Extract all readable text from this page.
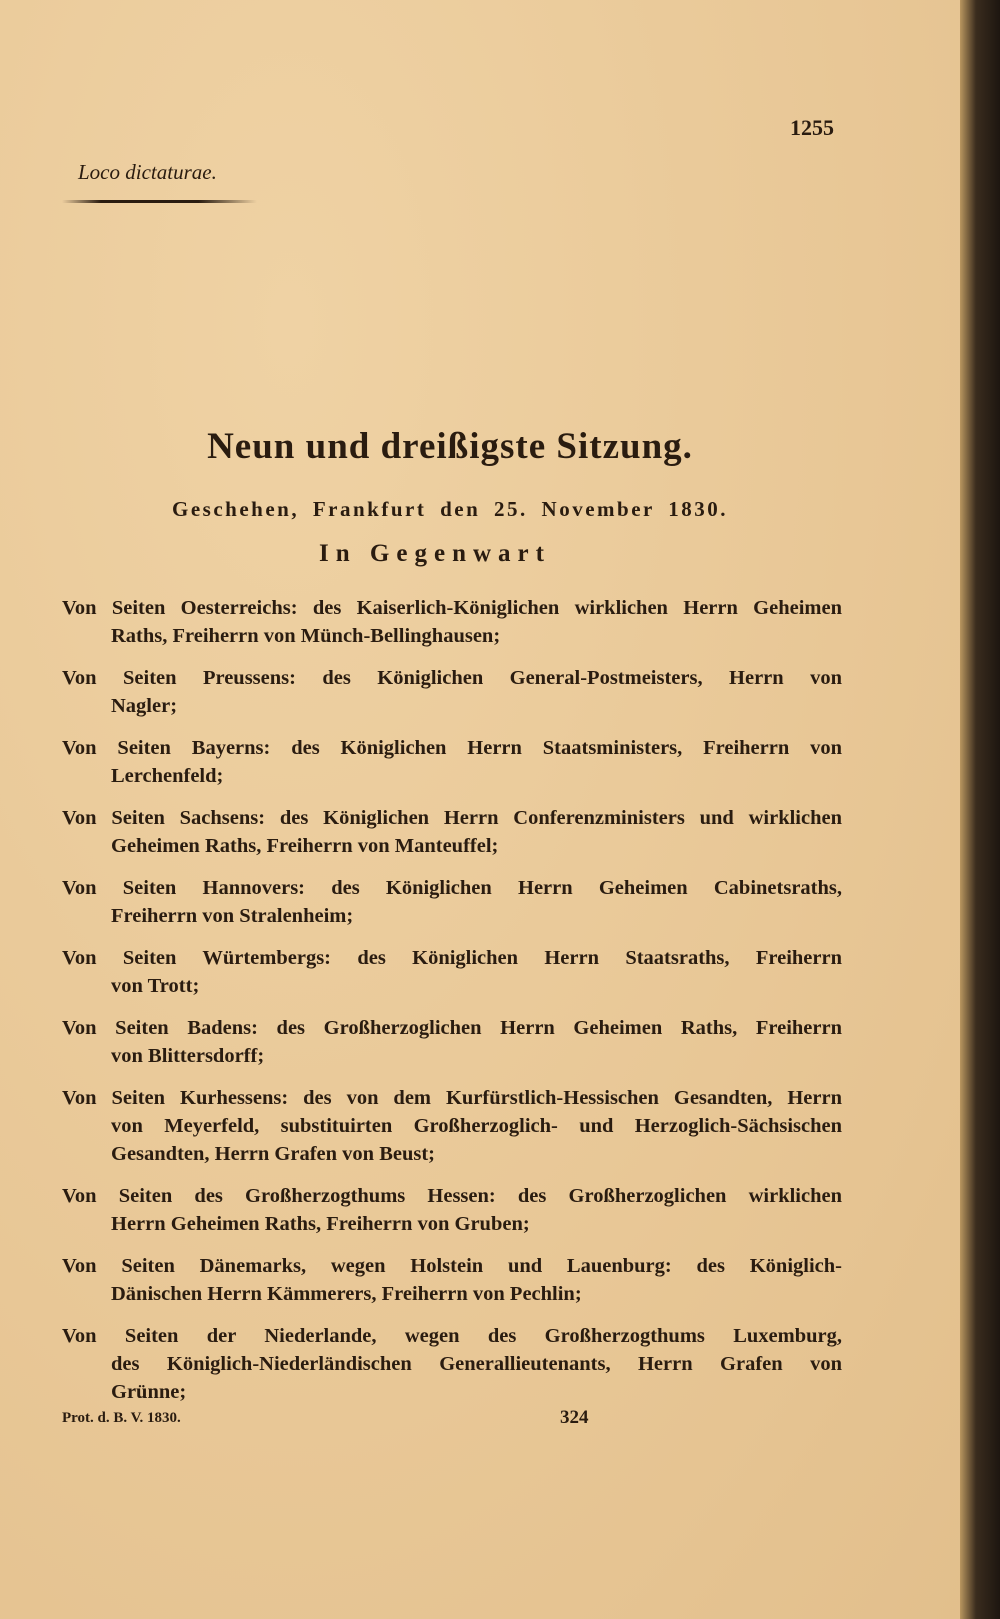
1255
Loco dictaturae.
Neun und dreißigste Sitzung.
Geschehen, Frankfurt den 25. November 1830.
In Gegenwart
Von Seiten Oesterreichs: des Kaiserlich-Königlichen wirklichen Herrn Geheimen
Raths, Freiherrn von Münch-Bellinghausen;
Von Seiten Preussens: des Königlichen General-Postmeisters, Herrn von
Nagler;
Von Seiten Bayerns: des Königlichen Herrn Staatsministers, Freiherrn von
Lerchenfeld;
Von Seiten Sachsens: des Königlichen Herrn Conferenzministers und wirklichen
Geheimen Raths, Freiherrn von Manteuffel;
Von Seiten Hannovers: des Königlichen Herrn Geheimen Cabinetsraths,
Freiherrn von Stralenheim;
Von Seiten Würtembergs: des Königlichen Herrn Staatsraths, Freiherrn
von Trott;
Von Seiten Badens: des Großherzoglichen Herrn Geheimen Raths, Freiherrn
von Blittersdorff;
Von Seiten Kurhessens: des von dem Kurfürstlich-Hessischen Gesandten, Herrn
von Meyerfeld, substituirten Großherzoglich- und Herzoglich-Sächsischen
Gesandten, Herrn Grafen von Beust;
Von Seiten des Großherzogthums Hessen: des Großherzoglichen wirklichen
Herrn Geheimen Raths, Freiherrn von Gruben;
Von Seiten Dänemarks, wegen Holstein und Lauenburg: des Königlich-
Dänischen Herrn Kämmerers, Freiherrn von Pechlin;
Von Seiten der Niederlande, wegen des Großherzogthums Luxemburg,
des Königlich-Niederländischen Generallieutenants, Herrn Grafen von
Grünne;
Prot. d. B. V. 1830.	324
